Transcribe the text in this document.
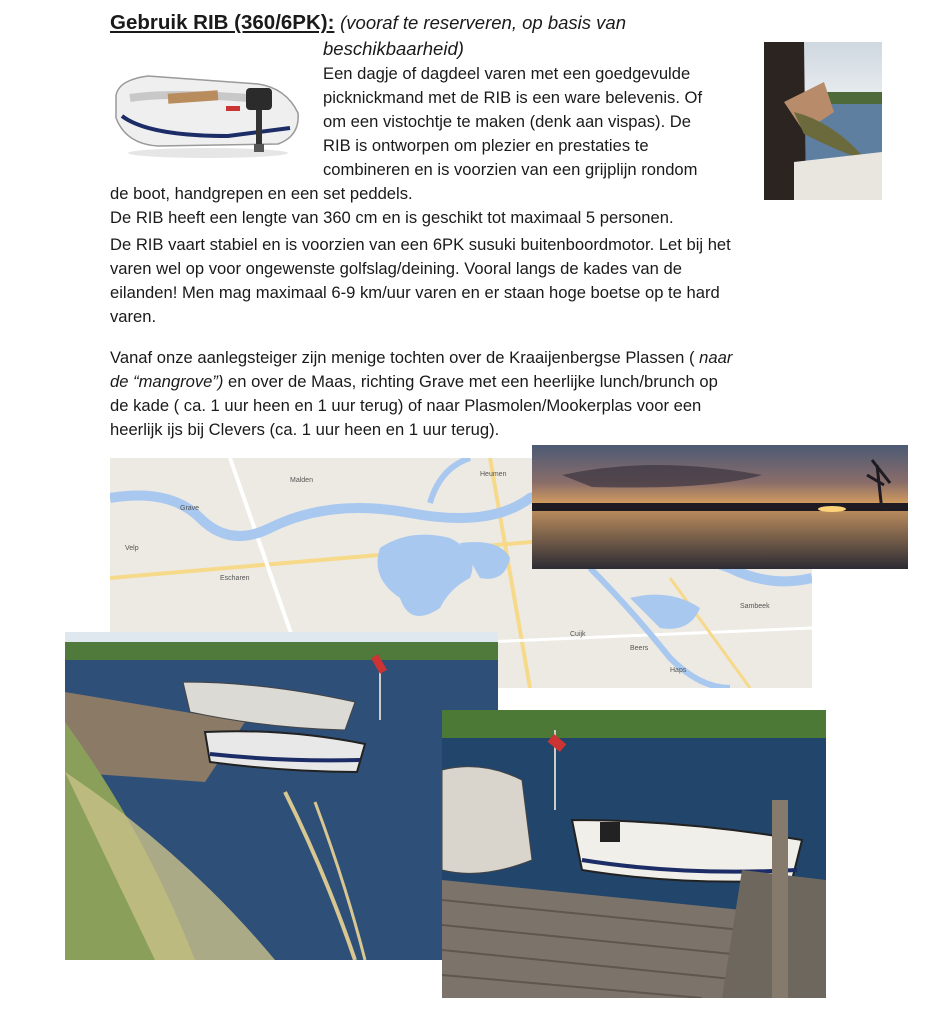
Gebruik RIB (360/6PK): (vooraf te reserveren, op basis van
beschikbaarheid)
Een dagje of dagdeel varen met een goedgevulde
picknickmand met de RIB is een ware belevenis. Of
om een vistochtje te maken (denk aan vispas). De
RIB is ontworpen om plezier en prestaties te
combineren en is voorzien van een grijplijn rondom
de boot, handgrepen en een set peddels.
De RIB heeft een lengte van 360 cm en is geschikt tot maximaal 5 personen.
De RIB vaart stabiel en is voorzien van een 6PK susuki buitenboordmotor. Let bij het
varen wel op voor ongewenste golfslag/deining. Vooral langs de kades van de
eilanden! Men mag maximaal 6-9 km/uur varen en er staan hoge boetse op te hard
varen.
Vanaf onze aanlegsteiger zijn menige tochten over de Kraaijenbergse Plassen ( naar
de “mangrove”) en over de Maas, richting Grave met een heerlijke lunch/brunch op
de kade ( ca. 1 uur heen en 1 uur terug) of naar Plasmolen/Mookerplas voor een
heerlijk ijs bij Clevers (ca. 1 uur heen en 1 uur terug).
Escharen
Grave
Cuijk
Velp
Beers
Heumen
Malden
Haps
Sambeek
